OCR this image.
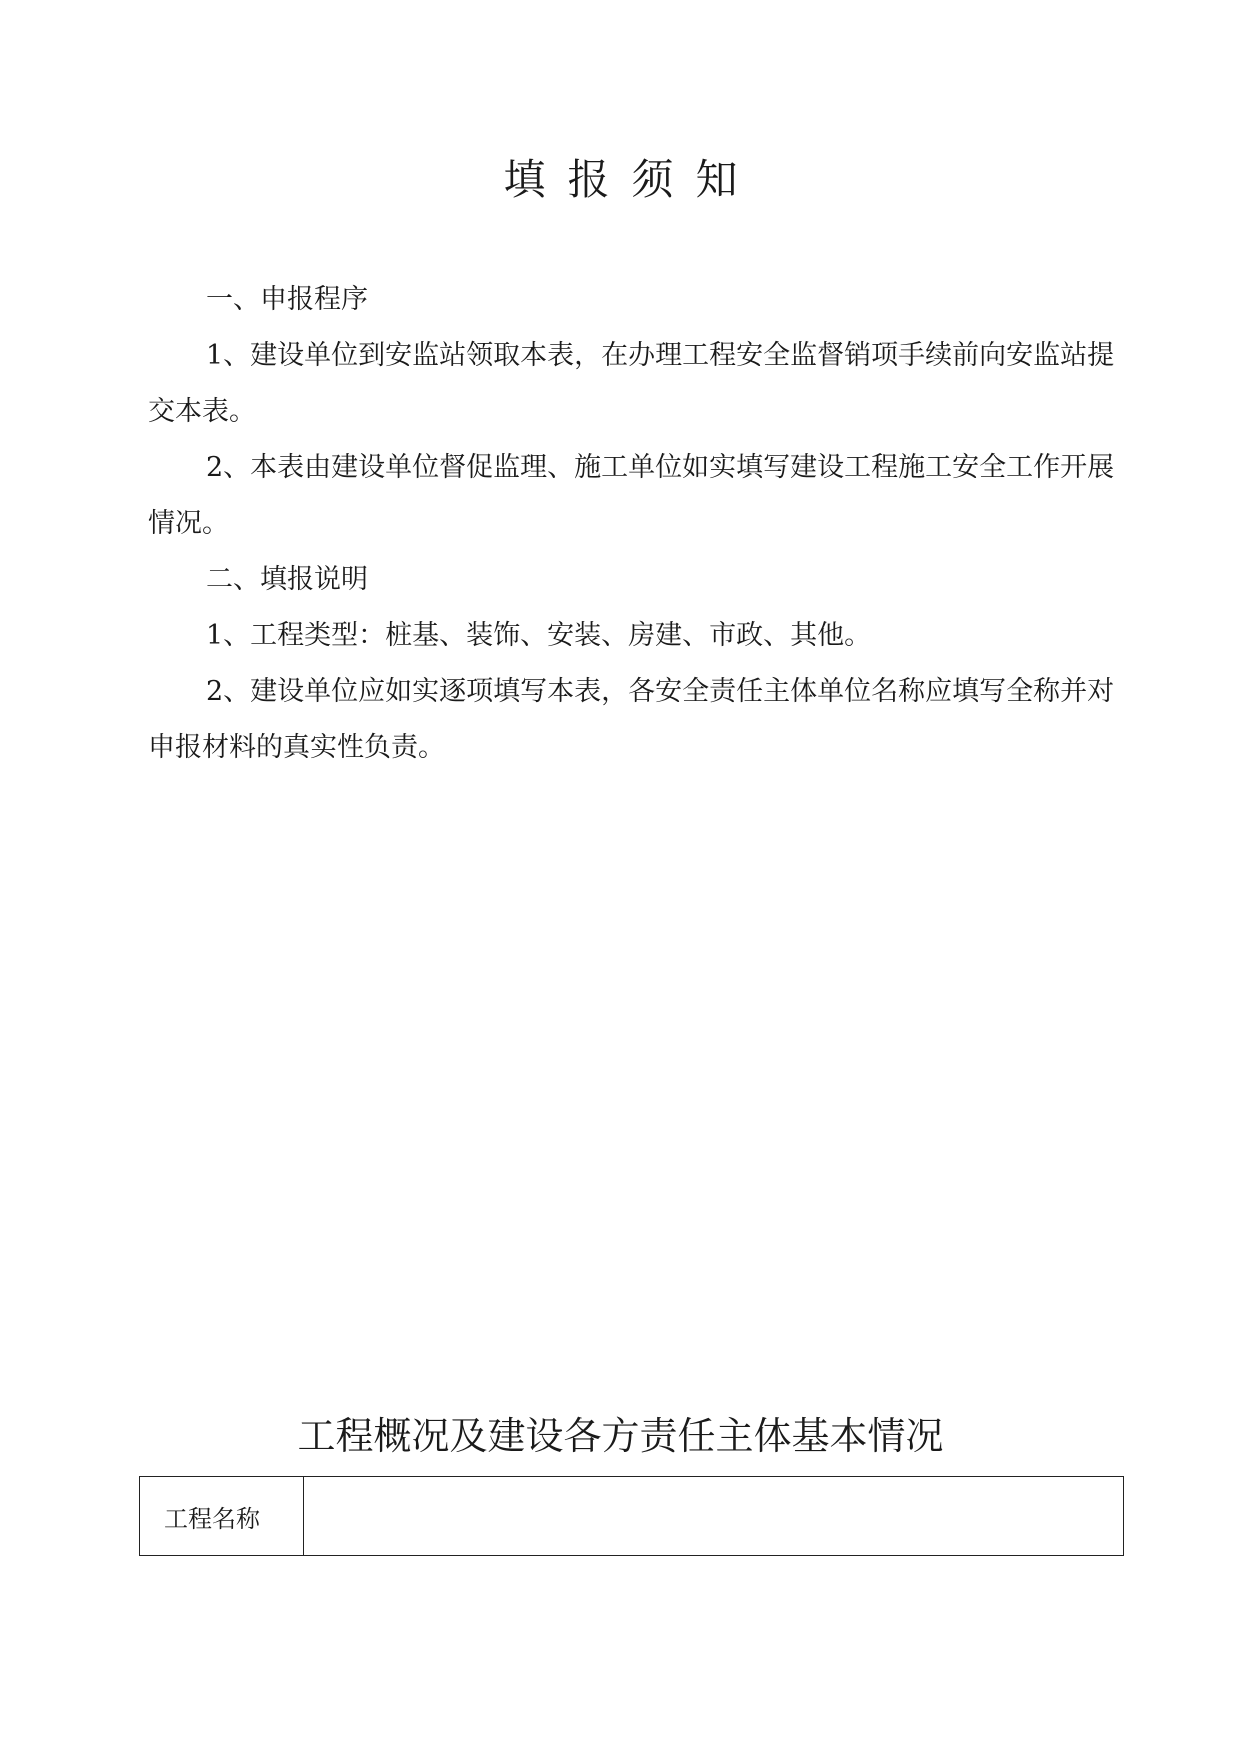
填报须知

一、申报程序

1、建设单位到安监站领取本表，在办理工程安全监督销项手续前向安监站提交本表。

2、本表由建设单位督促监理、施工单位如实填写建设工程施工安全工作开展情况。

二、填报说明

1、工程类型：桩基、装饰、安装、房建、市政、其他。

2、建设单位应如实逐项填写本表，各安全责任主体单位名称应填写全称并对申报材料的真实性负责。

工程概况及建设各方责任主体基本情况
工程名称	
